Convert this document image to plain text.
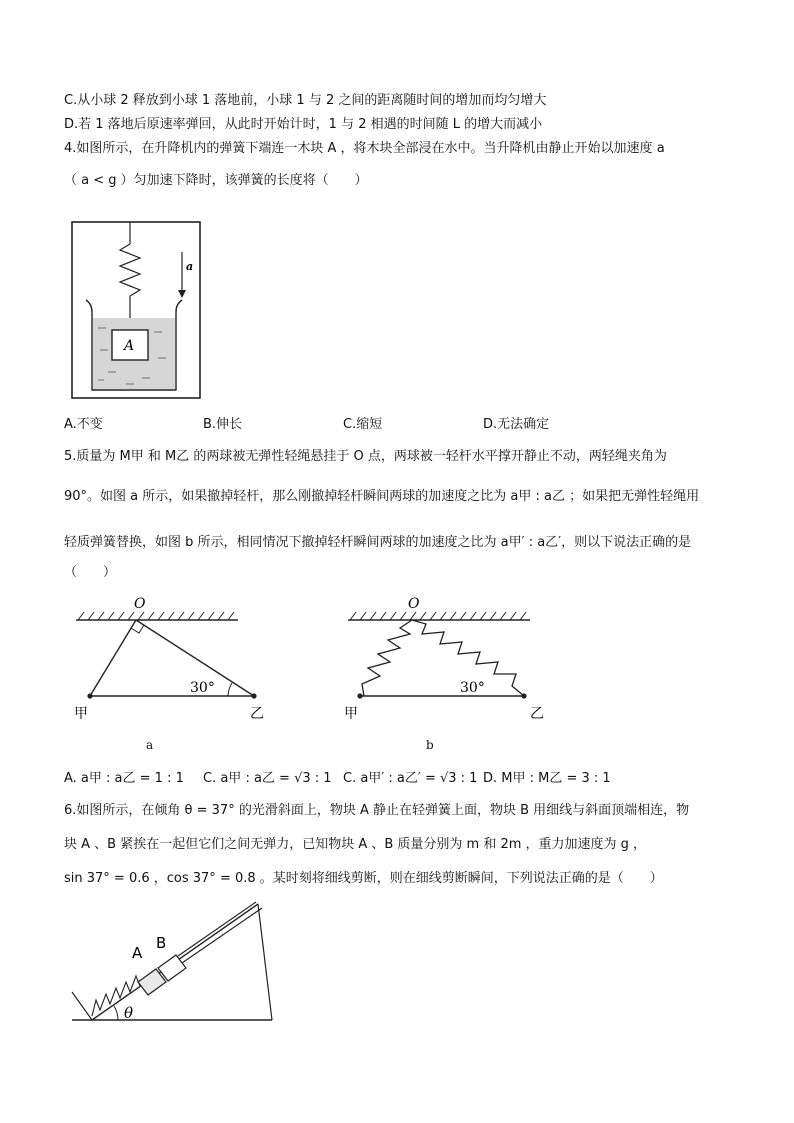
C.从小球 2 释放到小球 1 落地前，小球 1 与 2 之间的距离随时间的增加而均匀增大
D.若 1 落地后原速率弹回，从此时开始计时，1 与 2 相遇的时间随 L 的增大而减小
4.如图所示，在升降机内的弹簧下端连一木块 A ，将木块全部浸在水中。当升降机由静止开始以加速度 a
（ a < g ）匀加速下降时，该弹簧的长度将（　　）
A
a
A.不变	B.伸长	C.缩短	D.无法确定
5.质量为 M甲 和 M乙 的两球被无弹性轻绳悬挂于 O 点，两球被一轻杆水平撑开静止不动，两轻绳夹角为
90°。如图 a 所示，如果撤掉轻杆，那么刚撤掉轻杆瞬间两球的加速度之比为 a甲 : a乙 ；如果把无弹性轻绳用
轻质弹簧替换，如图 b 所示，相同情况下撤掉轻杆瞬间两球的加速度之比为 a甲′ : a乙′，则以下说法正确的是
（　　）
O
30°
甲	乙
a
O
30°
甲	乙
b
A. a甲 : a乙 = 1 : 1 C. a甲 : a乙 = √3 : 1 C. a甲′ : a乙′ = √3 : 1 D. M甲 : M乙 = 3 : 1
6.如图所示，在倾角 θ = 37° 的光滑斜面上，物块 A 静止在轻弹簧上面，物块 B 用细线与斜面顶端相连，物
块 A 、B 紧挨在一起但它们之间无弹力，已知物块 A 、B 质量分别为 m 和 2m ，重力加速度为 g ，
sin 37° = 0.6 ，cos 37° = 0.8 。某时刻将细线剪断，则在细线剪断瞬间，下列说法正确的是（　　）
θ
A
B
